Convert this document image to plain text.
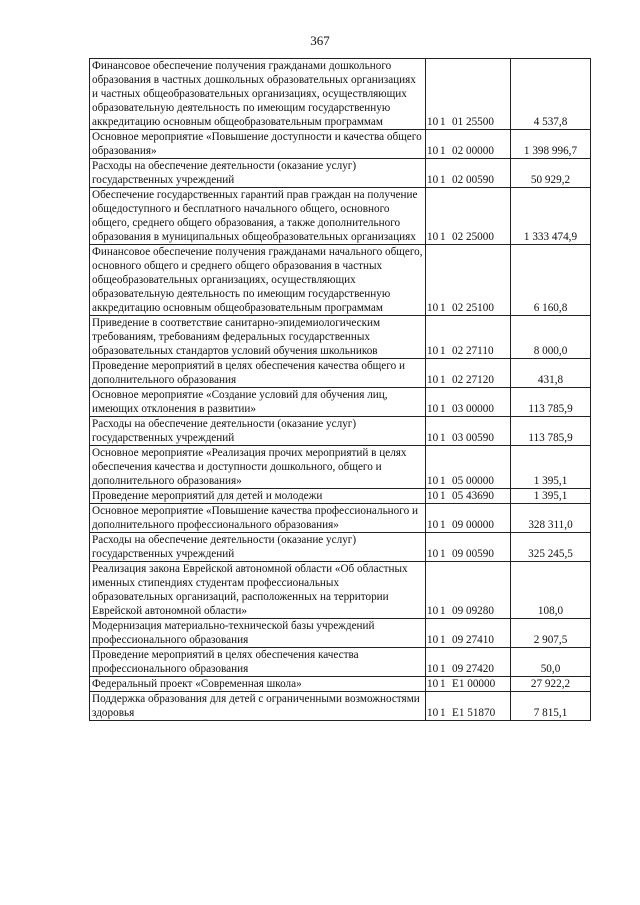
367
Финансовое обеспечение получения гражданами дошкольного образования в частных дошкольных образовательных организациях и частных общеобразовательных организациях, осуществляющих образовательную деятельность по имеющим государственную аккредитацию основным общеобразовательным программам	10 1 01 25500	4 537,8
Основное мероприятие «Повышение доступности и качества общего образования»	10 1 02 00000	1 398 996,7
Расходы на обеспечение деятельности (оказание услуг) государственных учреждений	10 1 02 00590	50 929,2
Обеспечение государственных гарантий прав граждан на получение общедоступного и бесплатного начального общего, основного общего, среднего общего образования, а также дополнительного образования в муниципальных общеобразовательных организациях	10 1 02 25000	1 333 474,9
Финансовое обеспечение получения гражданами начального общего, основного общего и среднего общего образования в частных общеобразовательных организациях, осуществляющих образовательную деятельность по имеющим государственную аккредитацию основным общеобразовательным программам	10 1 02 25100	6 160,8
Приведение в соответствие санитарно-эпидемиологическим требованиям, требованиям федеральных государственных образовательных стандартов условий обучения школьников	10 1 02 27110	8 000,0
Проведение мероприятий в целях обеспечения качества общего и дополнительного образования	10 1 02 27120	431,8
Основное мероприятие «Создание условий для обучения лиц, имеющих отклонения в развитии»	10 1 03 00000	113 785,9
Расходы на обеспечение деятельности (оказание услуг) государственных учреждений	10 1 03 00590	113 785,9
Основное мероприятие «Реализация прочих мероприятий в целях обеспечения качества и доступности дошкольного, общего и дополнительного образования»	10 1 05 00000	1 395,1
Проведение мероприятий для детей и молодежи	10 1 05 43690	1 395,1
Основное мероприятие «Повышение качества профессионального и дополнительного профессионального образования»	10 1 09 00000	328 311,0
Расходы на обеспечение деятельности (оказание услуг) государственных учреждений	10 1 09 00590	325 245,5
Реализация закона Еврейской автономной области «Об областных именных стипендиях студентам профессиональных образовательных организаций, расположенных на территории Еврейской автономной области»	10 1 09 09280	108,0
Модернизация материально-технической базы учреждений профессионального образования	10 1 09 27410	2 907,5
Проведение мероприятий в целях обеспечения качества профессионального образования	10 1 09 27420	50,0
Федеральный проект «Современная школа»	10 1 E1 00000	27 922,2
Поддержка образования для детей с ограниченными возможностями здоровья	10 1 E1 51870	7 815,1
